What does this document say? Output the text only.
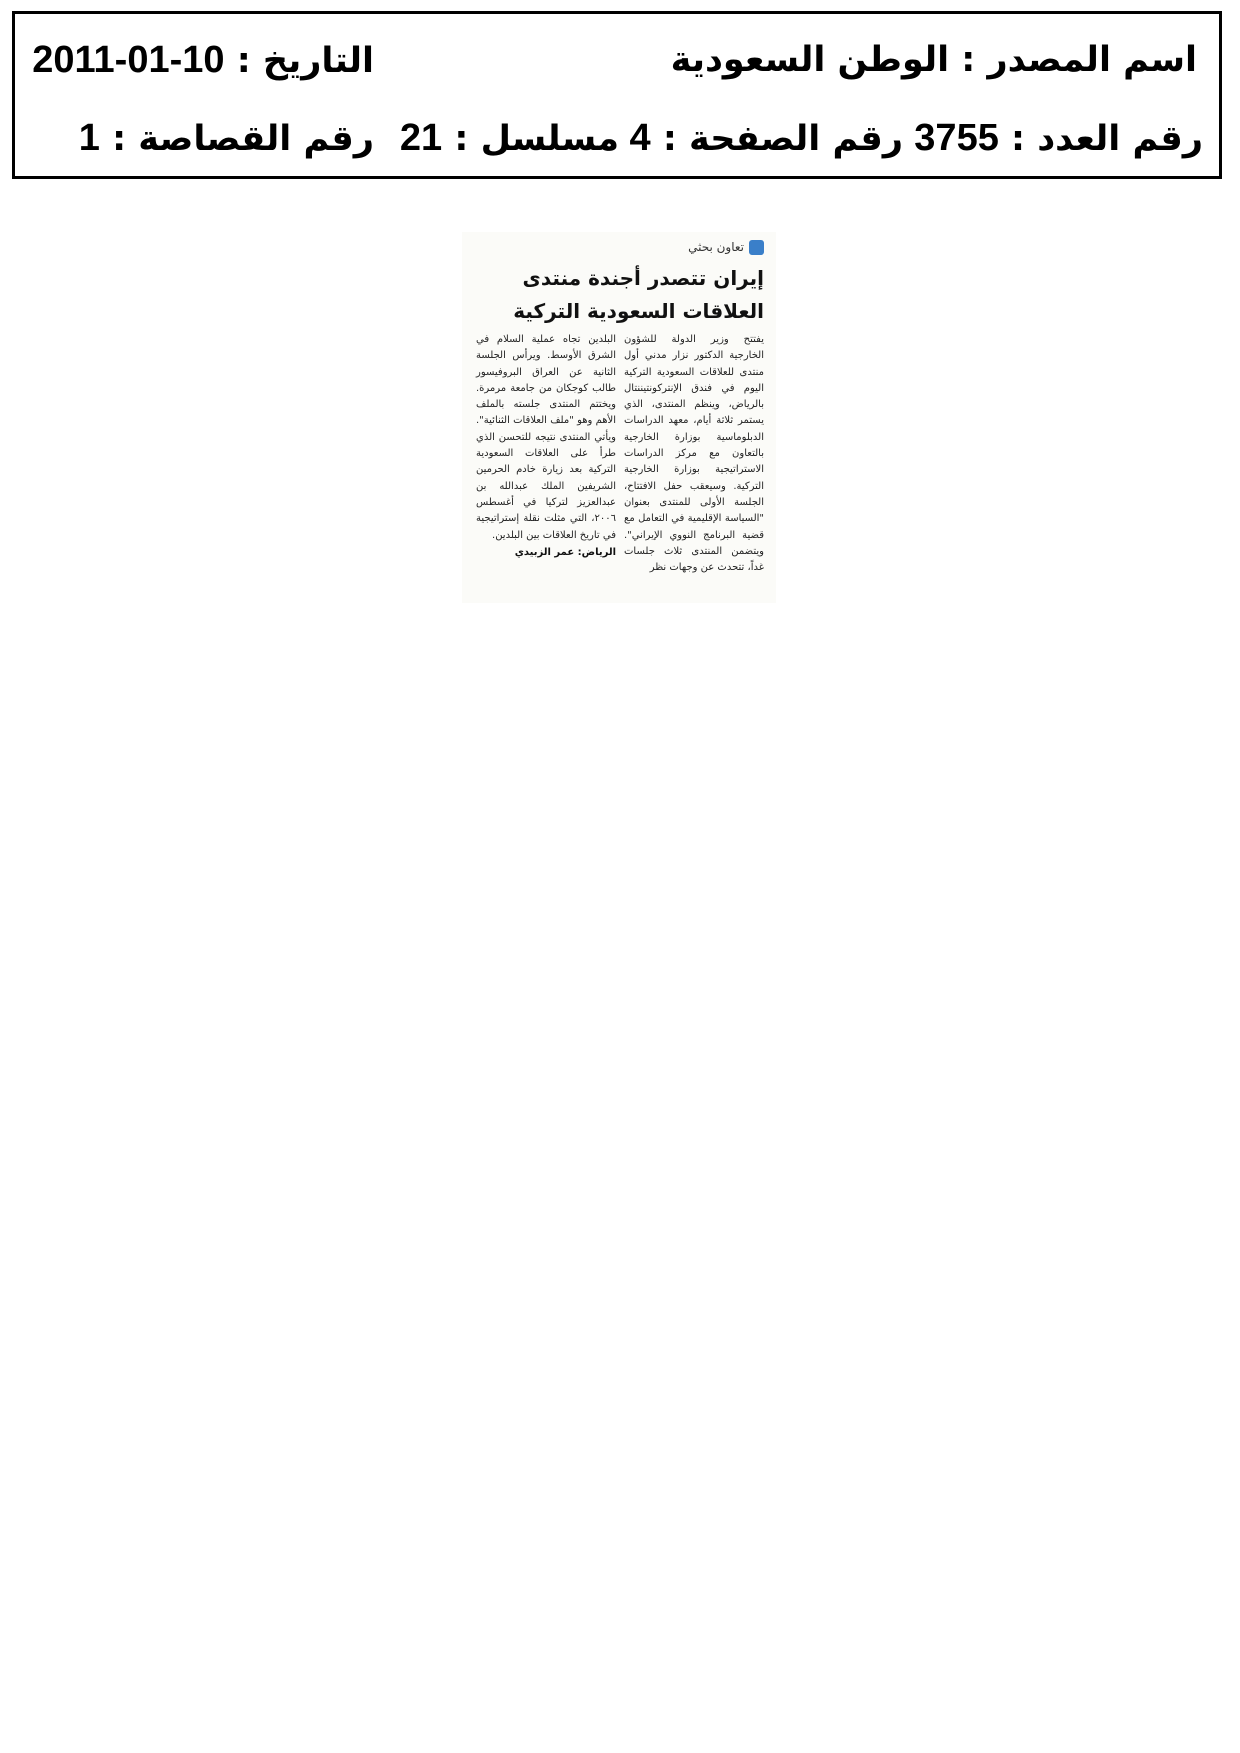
اسم المصدر : الوطن السعودية
التاريخ : 2011-01-10
رقم العدد : 3755
رقم الصفحة : 4
مسلسل : 21
رقم القصاصة : 1
تعاون بحثي
إيران تتصدر أجندة منتدى
العلاقات السعودية التركية

يفتتح وزير الدولة للشؤون الخارجية الدكتور نزار مدني أول منتدى للعلاقات السعودية التركية اليوم في فندق الإنتركونتيننتال بالرياض، وينظم المنتدى، الذي يستمر ثلاثة أيام، معهد الدراسات الدبلوماسية بوزارة الخارجية بالتعاون مع مركز الدراسات الاستراتيجية بوزارة الخارجية التركية. وسيعقب حفل الافتتاح، الجلسة الأولى للمنتدى بعنوان "السياسة الإقليمية في التعامل مع قضية البرنامج النووي الإيراني". ويتضمن المنتدى ثلاث جلسات غداً، تتحدث عن وجهات نظر

البلدين تجاه عملية السلام في الشرق الأوسط. ويرأس الجلسة الثانية عن العراق البروفيسور طالب كوجكان من جامعة مرمرة. ويختتم المنتدى جلسته بالملف الأهم وهو "ملف العلاقات الثنائية". ويأتي المنتدى نتيجه للتحسن الذي طرأ على العلاقات السعودية التركية بعد زيارة خادم الحرمين الشريفين الملك عبدالله بن عبدالعزيز لتركيا في أغسطس ٢٠٠٦، التي مثلت نقلة إستراتيجية في تاريخ العلاقات بين البلدين.

الرياض: عمر الزبيدي
